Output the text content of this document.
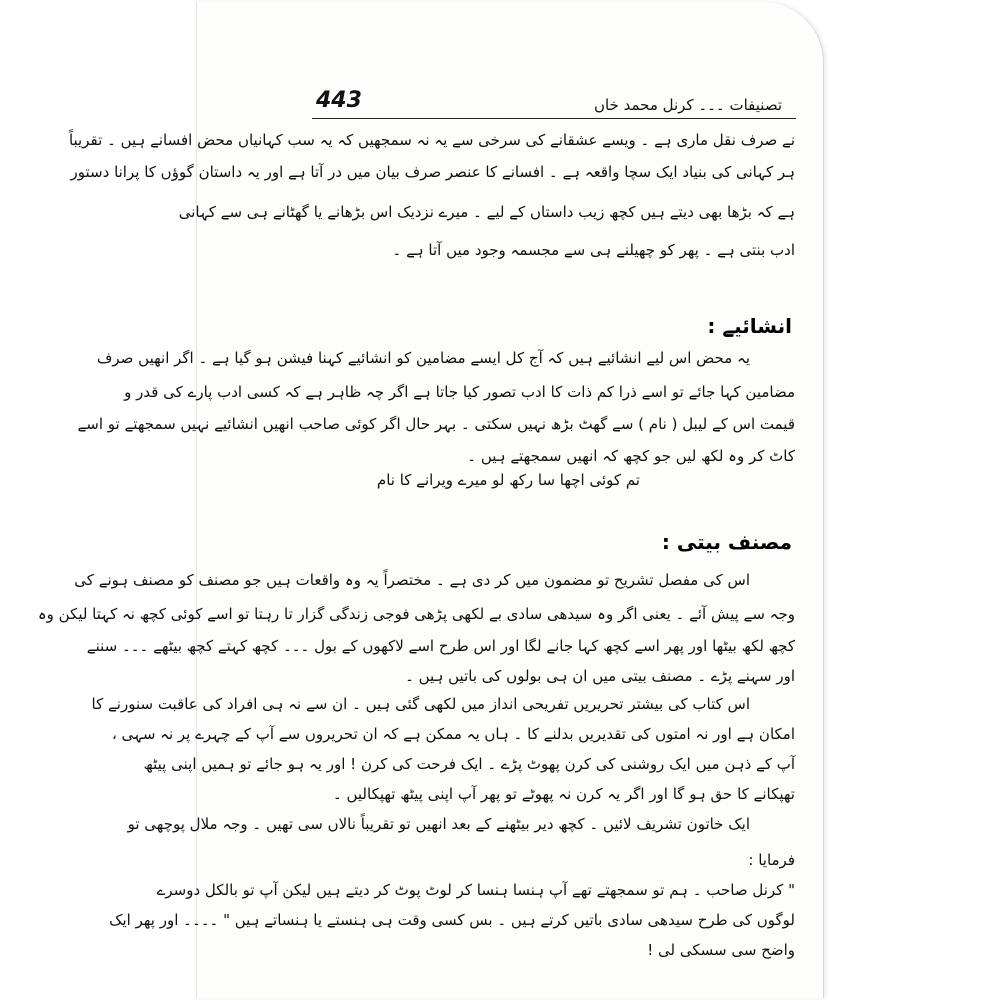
443	تصنیفات ۔۔۔ کرنل محمد خاں
نے صرف نقل ماری ہے ۔ ویسے عشقانے کی سرخی سے یہ نہ سمجھیں کہ یہ سب کہانیاں محض افسانے ہیں ۔ تقریباً
ہر کہانی کی بنیاد ایک سچا واقعہ ہے ۔ افسانے کا عنصر صرف بیان میں در آتا ہے اور یہ داستان گوؤں کا پرانا دستور
ہے کہ بڑھا بھی دیتے ہیں کچھ زیب داستاں کے لیے ۔ میرے نزدیک اس بڑھانے یا گھٹانے ہی سے کہانی
ادب بنتی ہے ۔ پھر کو چھیلنے ہی سے مجسمہ وجود میں آتا ہے ۔
انشائیے :
یہ محض اس لیے انشائیے ہیں کہ آج کل ایسے مضامین کو انشائیے کہنا فیشن ہو گیا ہے ۔ اگر انھیں صرف
مضامین کہا جائے تو اسے ذرا کم ذات کا ادب تصور کیا جاتا ہے اگر چہ ظاہر ہے کہ کسی ادب پارے کی قدر و
قیمت اس کے لیبل ( نام ) سے گھٹ بڑھ نہیں سکتی ۔ بہر حال اگر کوئی صاحب انھیں انشائیے نہیں سمجھتے تو اسے
کاٹ کر وہ لکھ لیں جو کچھ کہ انھیں سمجھتے ہیں ۔
تم کوئی اچھا سا رکھ لو میرے ویرانے کا نام
مصنف بیتی :
اس کی مفصل تشریح تو مضمون میں کر دی ہے ۔ مختصراً یہ وہ واقعات ہیں جو مصنف کو مصنف ہونے کی
وجہ سے پیش آئے ۔ یعنی اگر وہ سیدھی سادی بے لکھی پڑھی فوجی زندگی گزار تا رہتا تو اسے کوئی کچھ نہ کہتا لیکن وہ
کچھ لکھ بیٹھا اور پھر اسے کچھ کہا جانے لگا اور اس طرح اسے لاکھوں کے بول ۔۔۔ کچھ کہتے کچھ بیٹھے ۔۔۔ سننے
اور سہنے پڑے ۔ مصنف بیتی میں ان ہی بولوں کی باتیں ہیں ۔
اس کتاب کی بیشتر تحریریں تفریحی انداز میں لکھی گئی ہیں ۔ ان سے نہ ہی افراد کی عاقبت سنورنے کا
امکان ہے اور نہ امتوں کی تقدیریں بدلنے کا ۔ ہاں یہ ممکن ہے کہ ان تحریروں سے آپ کے چہرے پر نہ سہی ،
آپ کے ذہن میں ایک روشنی کی کرن پھوٹ پڑے ۔ ایک فرحت کی کرن ! اور یہ ہو جائے تو ہمیں اپنی پیٹھ
تھپکانے کا حق ہو گا اور اگر یہ کرن نہ پھوٹے تو پھر آپ اپنی پیٹھ تھپکالیں ۔
ایک خاتون تشریف لائیں ۔ کچھ دیر بیٹھنے کے بعد انھیں تو تقریباً نالاں سی تھیں ۔ وجہ ملال پوچھی تو
فرمایا :
" کرنل صاحب ۔ ہم تو سمجھتے تھے آپ ہنسا ہنسا کر لوٹ پوٹ کر دیتے ہیں لیکن آپ تو بالکل دوسرے
لوگوں کی طرح سیدھی سادی باتیں کرتے ہیں ۔ بس کسی وقت ہی ہنستے یا ہنساتے ہیں " ۔۔۔۔ اور پھر ایک
واضح سی سسکی لی !
